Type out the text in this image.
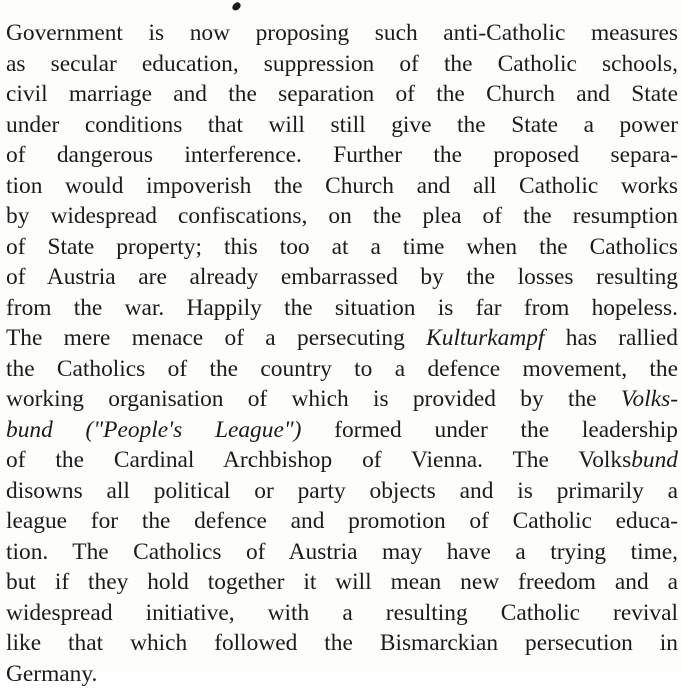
Government is now proposing such anti-Catholic measures
as secular education, suppression of the Catholic schools,
civil marriage and the separation of the Church and State
under conditions that will still give the State a power
of dangerous interference. Further the proposed separa-
tion would impoverish the Church and all Catholic works
by widespread confiscations, on the plea of the resumption
of State property; this too at a time when the Catholics
of Austria are already embarrassed by the losses resulting
from the war. Happily the situation is far from hopeless.
The mere menace of a persecuting Kulturkampf has rallied
the Catholics of the country to a defence movement, the
working organisation of which is provided by the Volks-
bund ("People's League") formed under the leadership
of the Cardinal Archbishop of Vienna. The Volksbund
disowns all political or party objects and is primarily a
league for the defence and promotion of Catholic educa-
tion. The Catholics of Austria may have a trying time,
but if they hold together it will mean new freedom and a
widespread initiative, with a resulting Catholic revival
like that which followed the Bismarckian persecution in
Germany.
